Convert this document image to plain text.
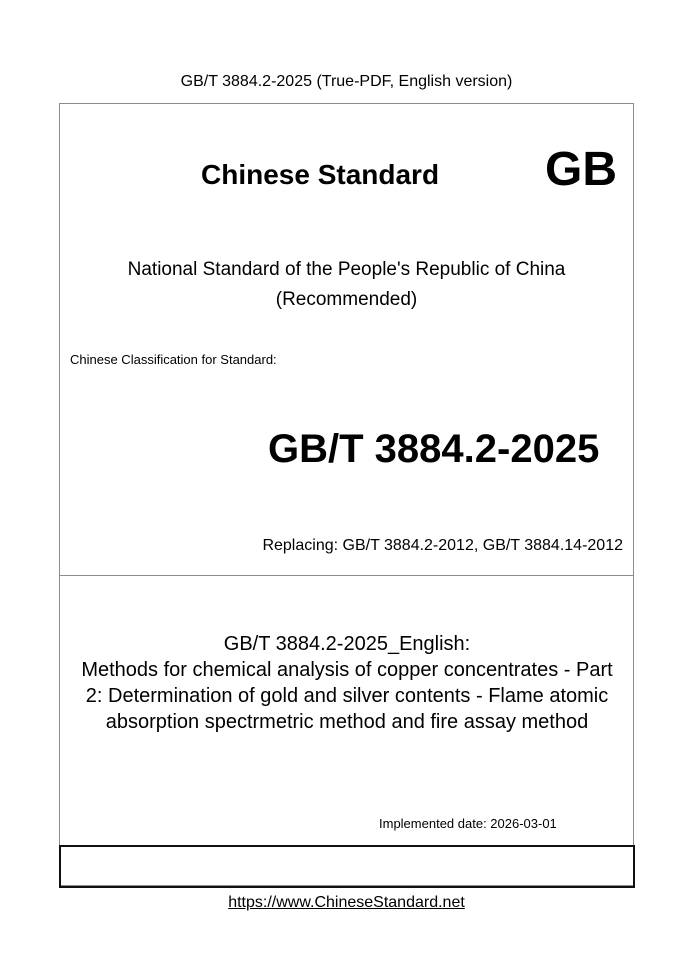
GB/T 3884.2-2025 (True-PDF, English version)
Chinese Standard GB
National Standard of the People's Republic of China
(Recommended)
Chinese Classification for Standard:
GB/T 3884.2-2025
Replacing: GB/T 3884.2-2012, GB/T 3884.14-2012
GB/T 3884.2-2025_English:
Methods for chemical analysis of copper concentrates - Part
2: Determination of gold and silver contents - Flame atomic
absorption spectrmetric method and fire assay method
Implemented date: 2026-03-01
https://www.ChineseStandard.net
